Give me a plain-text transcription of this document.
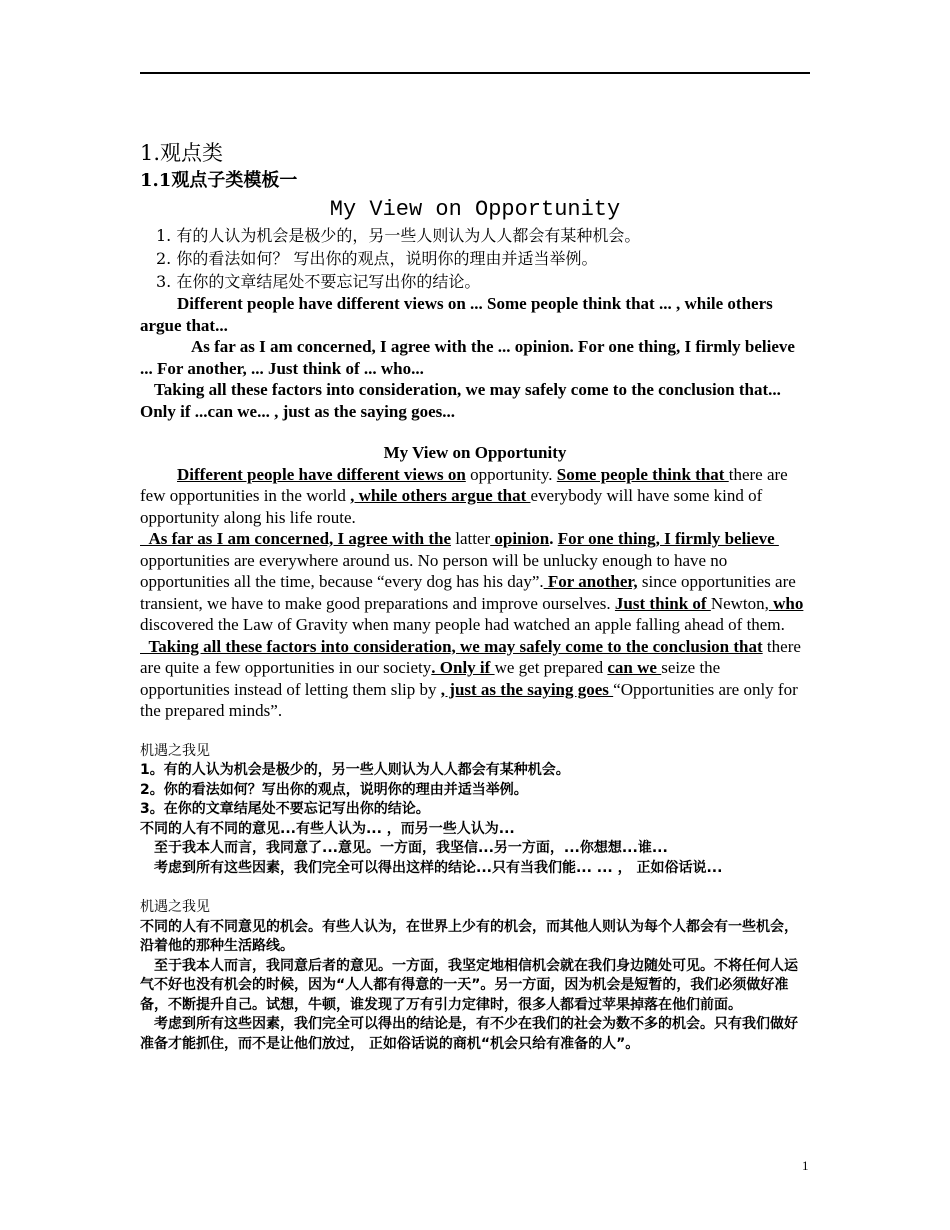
1.观点类
1.1观点子类模板一
My View on Opportunity
1. 有的人认为机会是极少的，另一些人则认为人人都会有某种机会。
2. 你的看法如何？ 写出你的观点，说明你的理由并适当举例。
3. 在你的文章结尾处不要忘记写出你的结论。

Different people have different views on ... Some people think that ... , while others argue that...

As far as I am concerned, I agree with the ... opinion. For one thing, I firmly believe ... For another, ... Just think of ... who...

Taking all these factors into consideration, we may safely come to the conclusion that... Only if ...can we... , just as the saying goes...

My View on Opportunity

Different people have different views on opportunity. Some people think that there are few opportunities in the world , while others argue that everybody will have some kind of opportunity along his life route.

As far as I am concerned, I agree with the latter opinion. For one thing, I firmly believe opportunities are everywhere around us. No person will be unlucky enough to have no opportunities all the time, because “every dog has his day”. For another, since opportunities are transient, we have to make good preparations and improve ourselves. Just think of Newton, who discovered the Law of Gravity when many people had watched an apple falling ahead of them.

Taking all these factors into consideration, we may safely come to the conclusion that there are quite a few opportunities in our society. Only if we get prepared can we seize the opportunities instead of letting them slip by , just as the saying goes “Opportunities are only for the prepared minds”.

机遇之我见
1。有的人认为机会是极少的，另一些人则认为人人都会有某种机会。
2。你的看法如何？写出你的观点，说明你的理由并适当举例。
3。在你的文章结尾处不要忘记写出你的结论。
不同的人有不同的意见...有些人认为... ，而另一些人认为...
至于我本人而言，我同意了...意见。一方面，我坚信...另一方面，...你想想...谁...
考虑到所有这些因素，我们完全可以得出这样的结论...只有当我们能... ... ， 正如俗话说...
机遇之我见
不同的人有不同意见的机会。有些人认为，在世界上少有的机会，而其他人则认为每个人都会有一些机会，沿着他的那种生活路线。
至于我本人而言，我同意后者的意见。一方面，我坚定地相信机会就在我们身边随处可见。不将任何人运气不好也没有机会的时候，因为“人人都有得意的一天”。另一方面，因为机会是短暂的，我们必须做好准备，不断提升自己。试想，牛顿，谁发现了万有引力定律时，很多人都看过苹果掉落在他们前面。
考虑到所有这些因素，我们完全可以得出的结论是，有不少在我们的社会为数不多的机会。只有我们做好准备才能抓住，而不是让他们放过， 正如俗话说的商机“机会只给有准备的人”。
1
